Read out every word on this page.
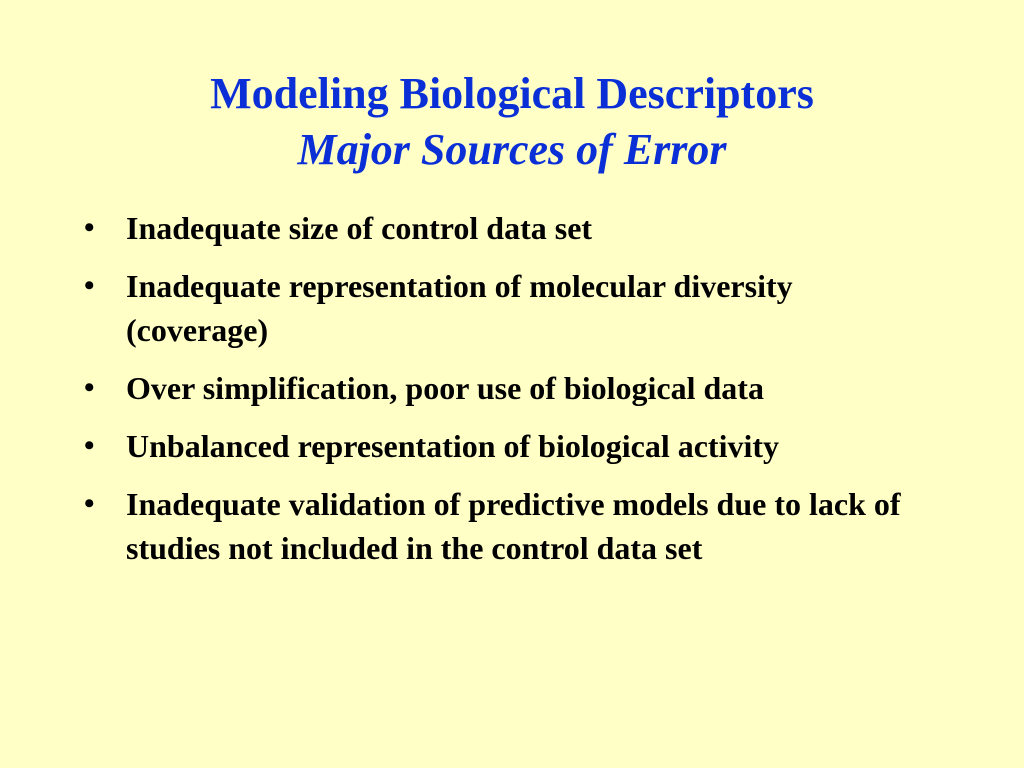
Modeling Biological Descriptors
Major Sources of Error
• Inadequate size of control data set
• Inadequate representation of molecular diversity (coverage)
• Over simplification, poor use of biological data
• Unbalanced representation of biological activity
• Inadequate validation of predictive models due to lack of studies not included in the control data set
